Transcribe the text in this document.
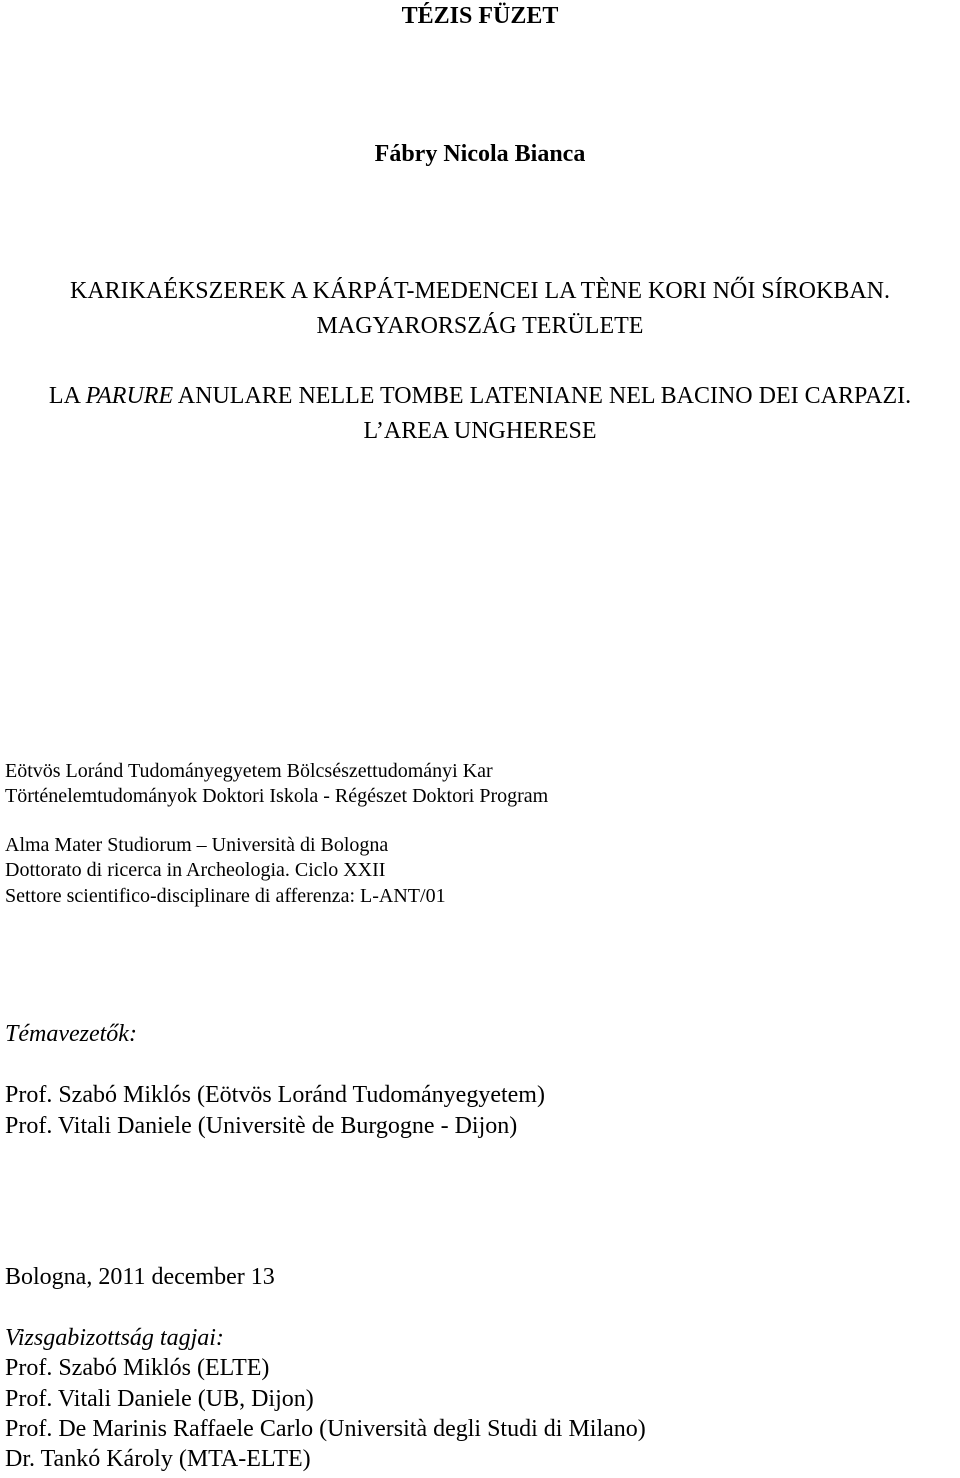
TÉZIS FÜZET
Fábry Nicola Bianca
KARIKAÉKSZEREK A KÁRPÁT-MEDENCEI LA TÈNE KORI NŐI SÍROKBAN.
MAGYARORSZÁG TERÜLETE
LA PARURE ANULARE NELLE TOMBE LATENIANE NEL BACINO DEI CARPAZI.
L’AREA UNGHERESE
Eötvös Loránd Tudományegyetem Bölcsészettudományi Kar
Történelemtudományok Doktori Iskola - Régészet Doktori Program
Alma Mater Studiorum – Università di Bologna
Dottorato di ricerca in Archeologia. Ciclo XXII
Settore scientifico-disciplinare di afferenza: L-ANT/01
Témavezetők:
Prof. Szabó Miklós (Eötvös Loránd Tudományegyetem)
Prof. Vitali Daniele (Universitè de Burgogne - Dijon)
Bologna, 2011 december 13
Vizsgabizottság tagjai:
Prof. Szabó Miklós (ELTE)
Prof. Vitali Daniele (UB, Dijon)
Prof. De Marinis Raffaele Carlo (Università degli Studi di Milano)
Dr. Tankó Károly (MTA-ELTE)
